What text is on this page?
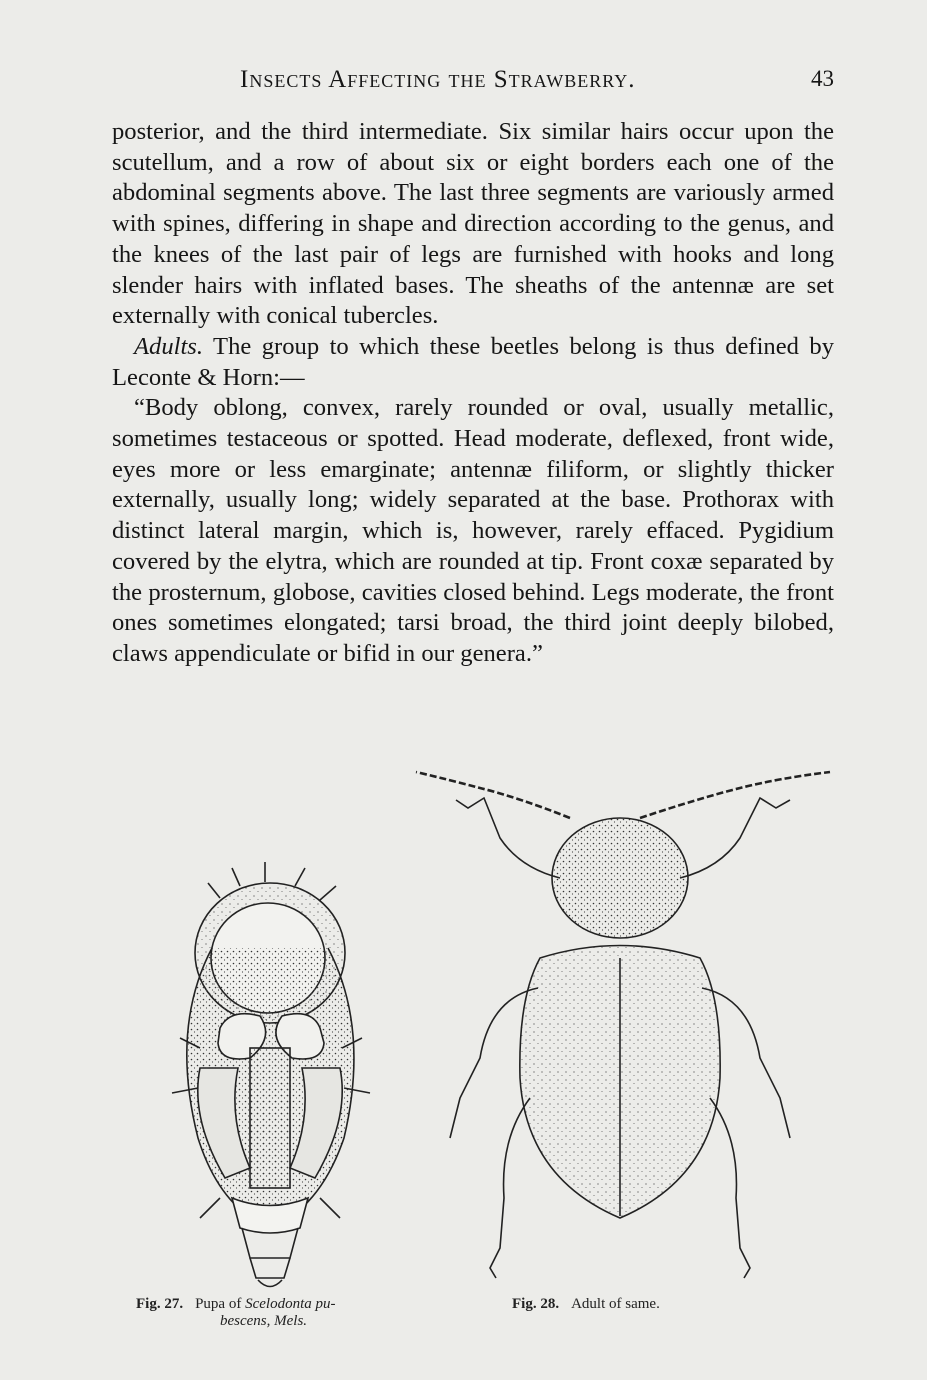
Insects Affecting the Strawberry.	43

posterior, and the third intermediate. Six similar hairs occur upon the scutellum, and a row of about six or eight borders each one of the abdominal segments above. The last three segments are variously armed with spines, differing in shape and direction according to the genus, and the knees of the last pair of legs are furnished with hooks and long slender hairs with inflated bases. The sheaths of the antennæ are set externally with conical tubercles.

Adults. The group to which these beetles belong is thus defined by Leconte & Horn:—

“Body oblong, convex, rarely rounded or oval, usually metallic, sometimes testaceous or spotted. Head moderate, deflexed, front wide, eyes more or less emarginate; antennæ filiform, or slightly thicker externally, usually long; widely separated at the base. Prothorax with distinct lateral margin, which is, however, rarely effaced. Pygidium covered by the elytra, which are rounded at tip. Front coxæ separated by the prosternum, globose, cavities closed behind. Legs moderate, the front ones sometimes elongated; tarsi broad, the third joint deeply bilobed, claws appendiculate or bifid in our genera.”

Fig. 27. Pupa of Scelodonta pu-
bescens, Mels.
Fig. 28. Adult of same.
